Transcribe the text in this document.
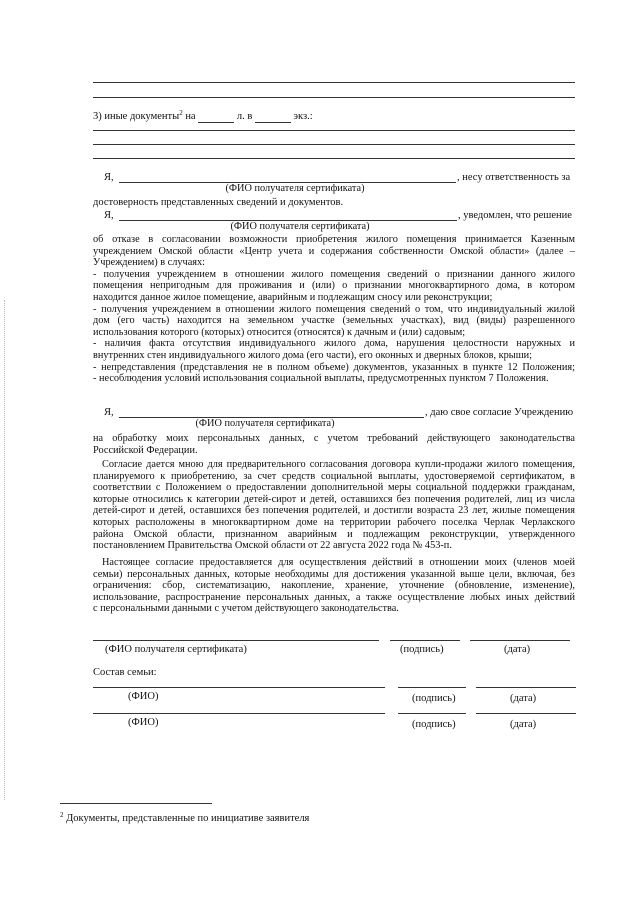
3) иные документы$^2$ на	л. в	экз.:
Я,	, несу ответственность за
(ФИО получателя сертификата)
достоверность представленных сведений и документов.
Я,	, уведомлен, что решение
(ФИО получателя сертификата)
об отказе в согласовании возможности приобретения жилого помещения принимается Казенным
учреждением Омской области «Центр учета и содержания собственности Омской области» (далее –
Учреждением) в случаях:
- получения учреждением в отношении жилого помещения сведений о признании данного жилого
помещения непригодным для проживания и (или) о признании многоквартирного дома, в котором
находится данное жилое помещение, аварийным и подлежащим сносу или реконструкции;
- получения учреждением в отношении жилого помещения сведений о том, что индивидуальный жилой
дом (его часть) находится на земельном участке (земельных участках), вид (виды) разрешенного
использования которого (которых) относится (относятся) к дачным и (или) садовым;
- наличия факта отсутствия индивидуального жилого дома, нарушения целостности наружных и
внутренних стен индивидуального жилого дома (его части), его оконных и дверных блоков, крыши;
- непредставления (представления не в полном объеме) документов, указанных в пункте 12 Положения;
- несоблюдения условий использования социальной выплаты, предусмотренных пунктом 7 Положения.
Я,	, даю свое согласие Учреждению
(ФИО получателя сертификата)
на обработку моих персональных данных, с учетом требований действующего законодательства
Российской Федерации.
Согласие дается мною для предварительного согласования договора купли-продажи жилого помещения,
планируемого к приобретению, за счет средств социальной выплаты, удостоверяемой сертификатом, в
соответствии с Положением о предоставлении дополнительной меры социальной поддержки гражданам,
которые относились к категории детей-сирот и детей, оставшихся без попечения родителей, лиц из числа
детей-сирот и детей, оставшихся без попечения родителей, и достигли возраста 23 лет, жилые помещения
которых расположены в многоквартирном доме на территории рабочего поселка Черлак Черлакского
района Омской области, признанном аварийным и подлежащим реконструкции, утвержденного
постановлением Правительства Омской области от 22 августа 2022 года № 453-п.
Настоящее согласие предоставляется для осуществления действий в отношении моих (членов моей
семьи) персональных данных, которые необходимы для достижения указанной выше цели, включая, без
ограничения: сбор, систематизацию, накопление, хранение, уточнение (обновление, изменение),
использование, распространение персональных данных, а также осуществление любых иных действий
с персональными данными с учетом действующего законодательства.
(ФИО получателя сертификата)	(подпись)	(дата)
Состав семьи:
(ФИО)	(подпись)	(дата)
(ФИО)	(подпись)	(дата)
$^2$ Документы, представленные по инициативе заявителя
